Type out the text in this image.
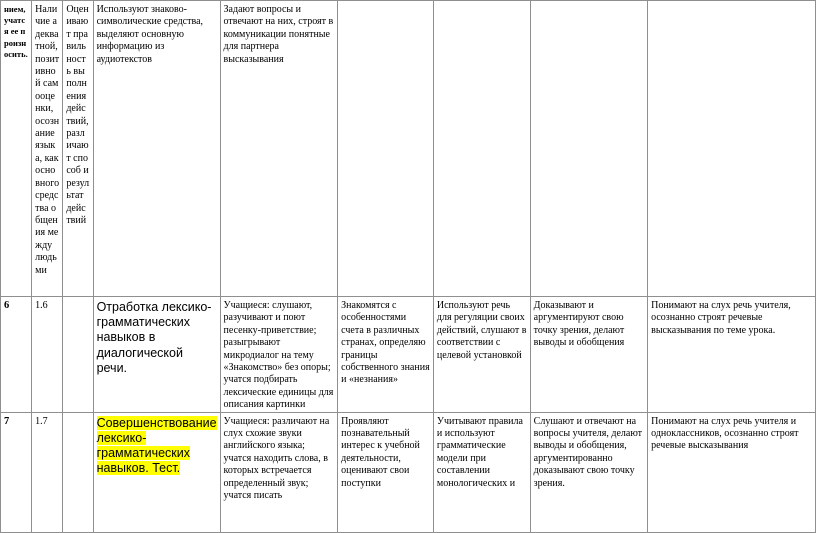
нием, учатся ее произносить.	Наличие адекватной, позитивной самооценки, осознание языка, как основного средства общения между людьми	Оценивают правильность выполнения действий, различают способ и результат действий	Используют знаково-символические средства, выделяют основную информацию из аудиотекстов	Задают вопросы и отвечают на них, строят в коммуникации понятные для партнера высказывания				
6	1.6		Отработка лексико-грамматических навыков в диалогической речи.	Учащиеся: слушают, разучивают и поют песенку-приветствие; разыгрывают микродиалог на тему «Знакомство» без опоры; учатся подбирать лексические единицы для описания картинки	Знакомятся с особенностями счета в различных странах, определяю границы собственного знания и «незнания»	Используют речь для регуляции своих действий, слушают в соответствии с целевой установкой	Доказывают и аргументируют свою точку зрения, делают выводы и обобщения	Понимают на слух речь учителя, осознанно строят речевые высказывания по теме урока.
7	1.7		Совершенствование лексико-грамматических навыков. Тест.	Учащиеся: различают на слух схожие звуки английского языка; учатся находить слова, в которых встречается определенный звук; учатся писать	Проявляют познавательный интерес к учебной деятельности, оценивают свои поступки	Учитывают правила и используют грамматические модели при составлении монологических и	Слушают и отвечают на вопросы учителя, делают выводы и обобщения, аргументированно доказывают свою точку зрения.	Понимают на слух речь учителя и одноклассников, осознанно строят речевые высказывания
